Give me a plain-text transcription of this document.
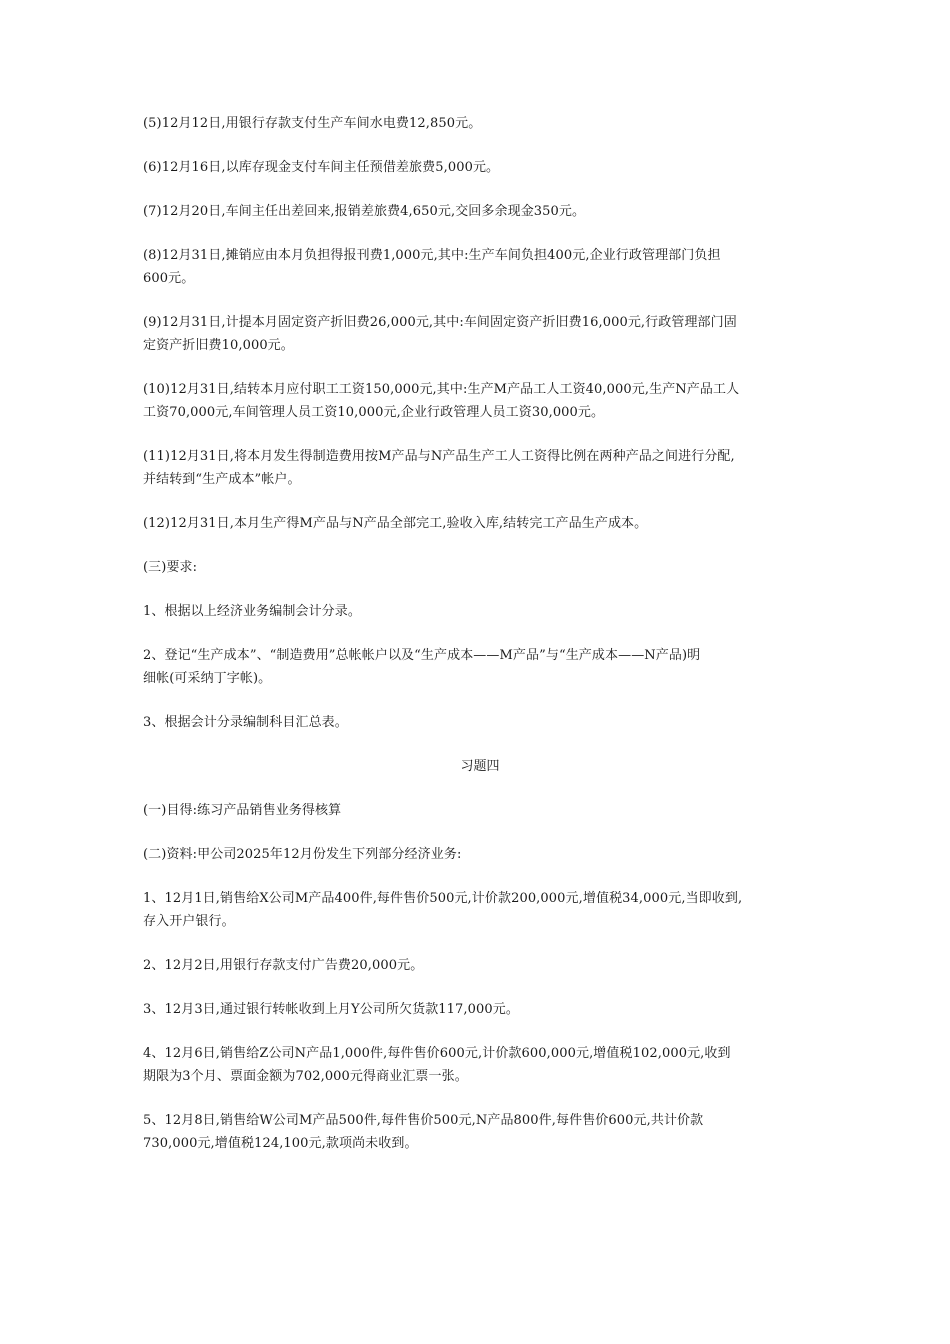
(5)12月12日,用银行存款支付生产车间水电费12,850元。
(6)12月16日,以库存现金支付车间主任预借差旅费5,000元。
(7)12月20日,车间主任出差回来,报销差旅费4,650元,交回多余现金350元。
(8)12月31日,摊销应由本月负担得报刊费1,000元,其中:生产车间负担400元,企业行政管理部门负担
600元。
(9)12月31日,计提本月固定资产折旧费26,000元,其中:车间固定资产折旧费16,000元,行政管理部门固
定资产折旧费10,000元。
(10)12月31日,结转本月应付职工工资150,000元,其中:生产M产品工人工资40,000元,生产N产品工人
工资70,000元,车间管理人员工资10,000元,企业行政管理人员工资30,000元。
(11)12月31日,将本月发生得制造费用按M产品与N产品生产工人工资得比例在两种产品之间进行分配,
并结转到“生产成本”帐户。
(12)12月31日,本月生产得M产品与N产品全部完工,验收入库,结转完工产品生产成本。
(三)要求:
1、根据以上经济业务编制会计分录。
2、登记“生产成本”、“制造费用”总帐帐户以及“生产成本——M产品”与“生产成本——N产品)明
细帐(可采纳丁字帐)。
3、根据会计分录编制科目汇总表。
习题四
(一)目得:练习产品销售业务得核算
(二)资料:甲公司2025年12月份发生下列部分经济业务:
1、12月1日,销售给X公司M产品400件,每件售价500元,计价款200,000元,增值税34,000元,当即收到,
存入开户银行。
2、12月2日,用银行存款支付广告费20,000元。
3、12月3日,通过银行转帐收到上月Y公司所欠货款117,000元。
4、12月6日,销售给Z公司N产品1,000件,每件售价600元,计价款600,000元,增值税102,000元,收到
期限为3个月、票面金额为702,000元得商业汇票一张。
5、12月8日,销售给W公司M产品500件,每件售价500元,N产品800件,每件售价600元,共计价款
730,000元,增值税124,100元,款项尚未收到。
